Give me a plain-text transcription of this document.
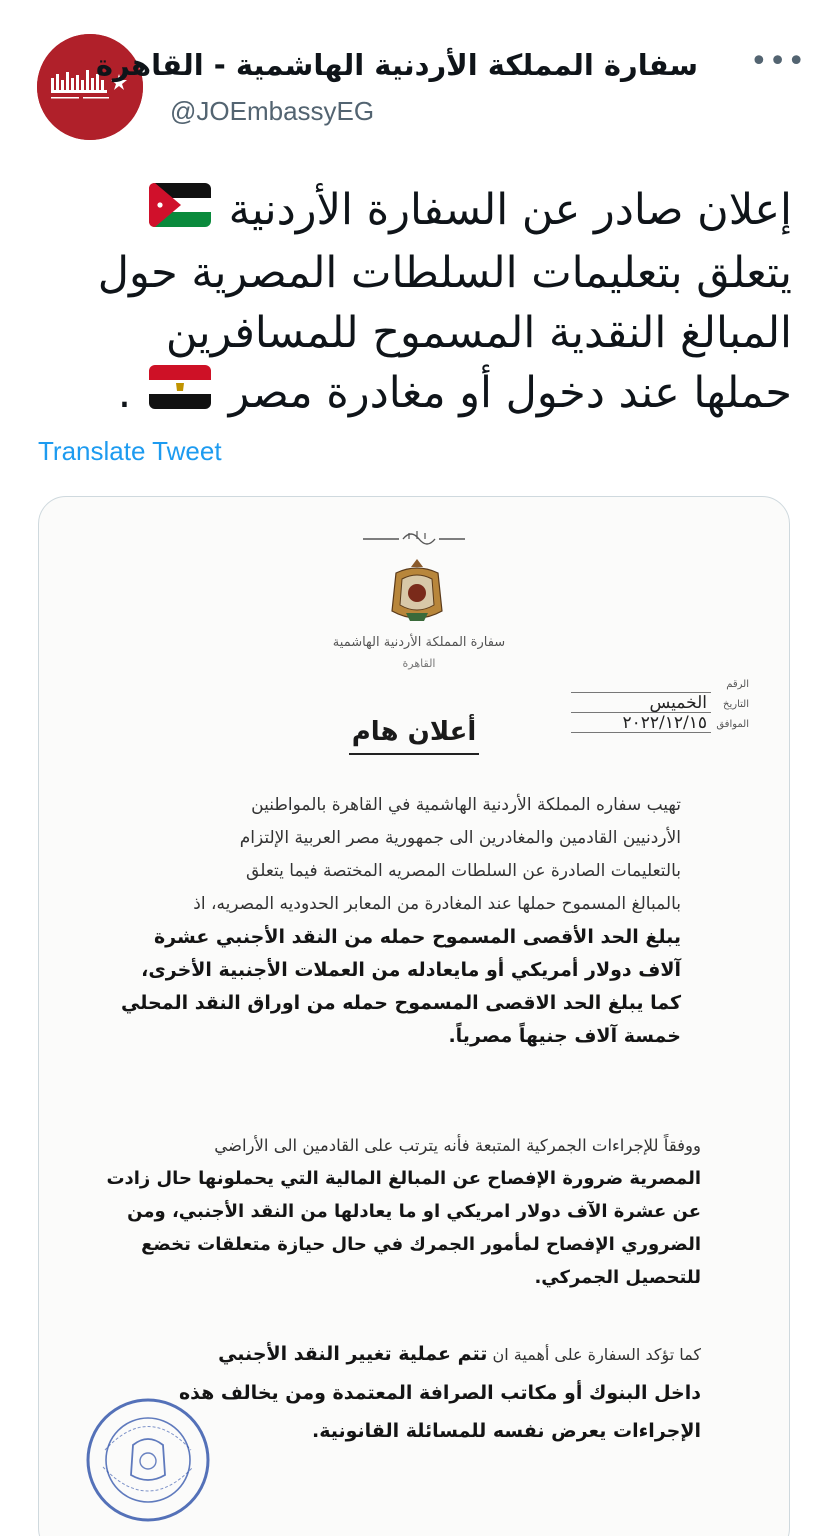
سفارة المملكة الأردنية الهاشمية - القاهرة
@JOEmbassyEG
•••
إعلان صادر عن السفارة الأردنية
يتعلق بتعليمات السلطات المصرية حول
المبالغ النقدية المسموح للمسافرين
حملها عند دخول أو مغادرة مصر  .
Translate Tweet
سفارة المملكة الأردنية الهاشمية
القاهرة
الرقم
التاريخ
الخميس
الموافق
٢٠٢٢/١٢/١٥
أعلان هام
تهيب سفاره المملكة الأردنية الهاشمية في القاهرة بالمواطنين
الأردنيين القادمين والمغادرين الى جمهورية مصر العربية الإلتزام
بالتعليمات الصادرة عن السلطات المصريه المختصة فيما يتعلق
بالمبالغ المسموح حملها عند المغادرة من المعابر الحدوديه المصريه، اذ
يبلغ الحد الأقصى المسموح حمله من النقد الأجنبي عشرة
آلاف دولار أمريكي أو مايعادله من العملات الأجنبية الأخرى،
كما يبلغ الحد الاقصى المسموح حمله من اوراق النقد المحلي
خمسة آلاف جنيهاً مصرياً.
ووفقاً للإجراءات الجمركية المتبعة فأنه يترتب على القادمين الى الأراضي
المصرية ضرورة الإفصاح عن المبالغ المالية التي يحملونها حال زادت
عن عشرة الآف دولار امريكي او ما يعادلها من النقد الأجنبي، ومن
الضروري الإفصاح لمأمور الجمرك في حال حيازة متعلقات تخضع
للتحصيل الجمركي.
كما تؤكد السفارة على أهمية ان تتم عملية تغيير النقد الأجنبي
داخل البنوك أو مكاتب الصرافة المعتمدة ومن يخالف هذه
الإجراءات يعرض نفسه للمسائلة القانونية.
